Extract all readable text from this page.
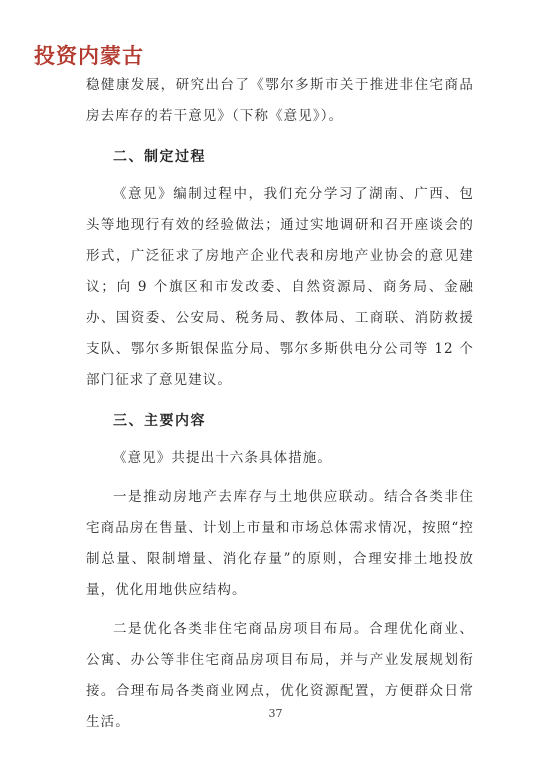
投资内蒙古

稳健康发展，研究出台了《鄂尔多斯市关于推进非住宅商品房去库存的若干意见》（下称《意见》）。

二、制定过程

《意见》编制过程中，我们充分学习了湖南、广西、包头等地现行有效的经验做法；通过实地调研和召开座谈会的形式，广泛征求了房地产企业代表和房地产业协会的意见建议；向 9 个旗区和市发改委、自然资源局、商务局、金融办、国资委、公安局、税务局、教体局、工商联、消防救援支队、鄂尔多斯银保监分局、鄂尔多斯供电分公司等 12 个部门征求了意见建议。

三、主要内容

《意见》共提出十六条具体措施。

一是推动房地产去库存与土地供应联动。结合各类非住宅商品房在售量、计划上市量和市场总体需求情况，按照“控制总量、限制增量、消化存量”的原则，合理安排土地投放量，优化用地供应结构。

二是优化各类非住宅商品房项目布局。合理优化商业、公寓、办公等非住宅商品房项目布局，并与产业发展规划衔接。合理布局各类商业网点，优化资源配置，方便群众日常生活。

37
